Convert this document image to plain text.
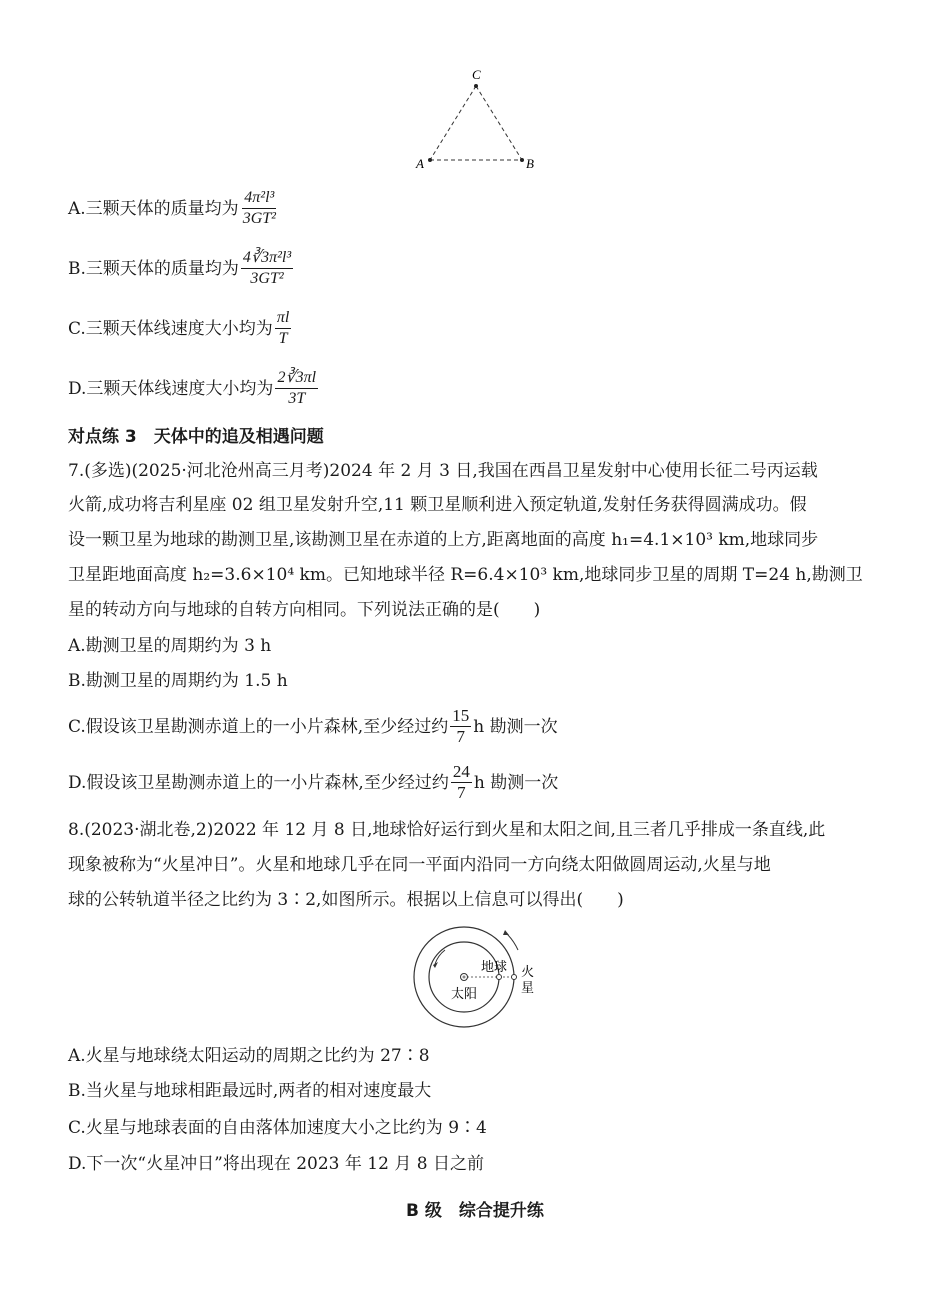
C
A	B
A.三颗天体的质量均为 $\frac{\text{4π²l³}}{\text{3GT²}}$
B.三颗天体的质量均为 $\frac{\text{4∛3π²l³}}{\text{3GT²}}$
C.三颗天体线速度大小均为 $\frac{\pi l}{T}$
D.三颗天体线速度大小均为 $\frac{2∛3\pi l}{3T}$
对点练 3　天体中的追及相遇问题
7.(多选)(2025·河北沧州高三月考)2024 年 2 月 3 日,我国在西昌卫星发射中心使用长征二号丙运载
火箭,成功将吉利星座 02 组卫星发射升空,11 颗卫星顺利进入预定轨道,发射任务获得圆满成功。假
设一颗卫星为地球的勘测卫星,该勘测卫星在赤道的上方,距离地面的高度 h₁=4.1×10³ km,地球同步
卫星距地面高度 h₂=3.6×10⁴ km。已知地球半径 R=6.4×10³ km,地球同步卫星的周期 T=24 h,勘测卫
星的转动方向与地球的自转方向相同。下列说法正确的是(　　)
A.勘测卫星的周期约为 3 h
B.勘测卫星的周期约为 1.5 h
C.假设该卫星勘测赤道上的一小片森林,至少经过约 $\frac{15}{7}$ h 勘测一次
D.假设该卫星勘测赤道上的一小片森林,至少经过约 $\frac{24}{7}$ h 勘测一次
8.(2023·湖北卷,2)2022 年 12 月 8 日,地球恰好运行到火星和太阳之间,且三者几乎排成一条直线,此
现象被称为“火星冲日”。火星和地球几乎在同一平面内沿同一方向绕太阳做圆周运动,火星与地
球的公转轨道半径之比约为 3∶2,如图所示。根据以上信息可以得出(　　)
太阳
地球 火
星
A.火星与地球绕太阳运动的周期之比约为 27∶8
B.当火星与地球相距最远时,两者的相对速度最大
C.火星与地球表面的自由落体加速度大小之比约为 9∶4
D.下一次“火星冲日”将出现在 2023 年 12 月 8 日之前
B 级　综合提升练
